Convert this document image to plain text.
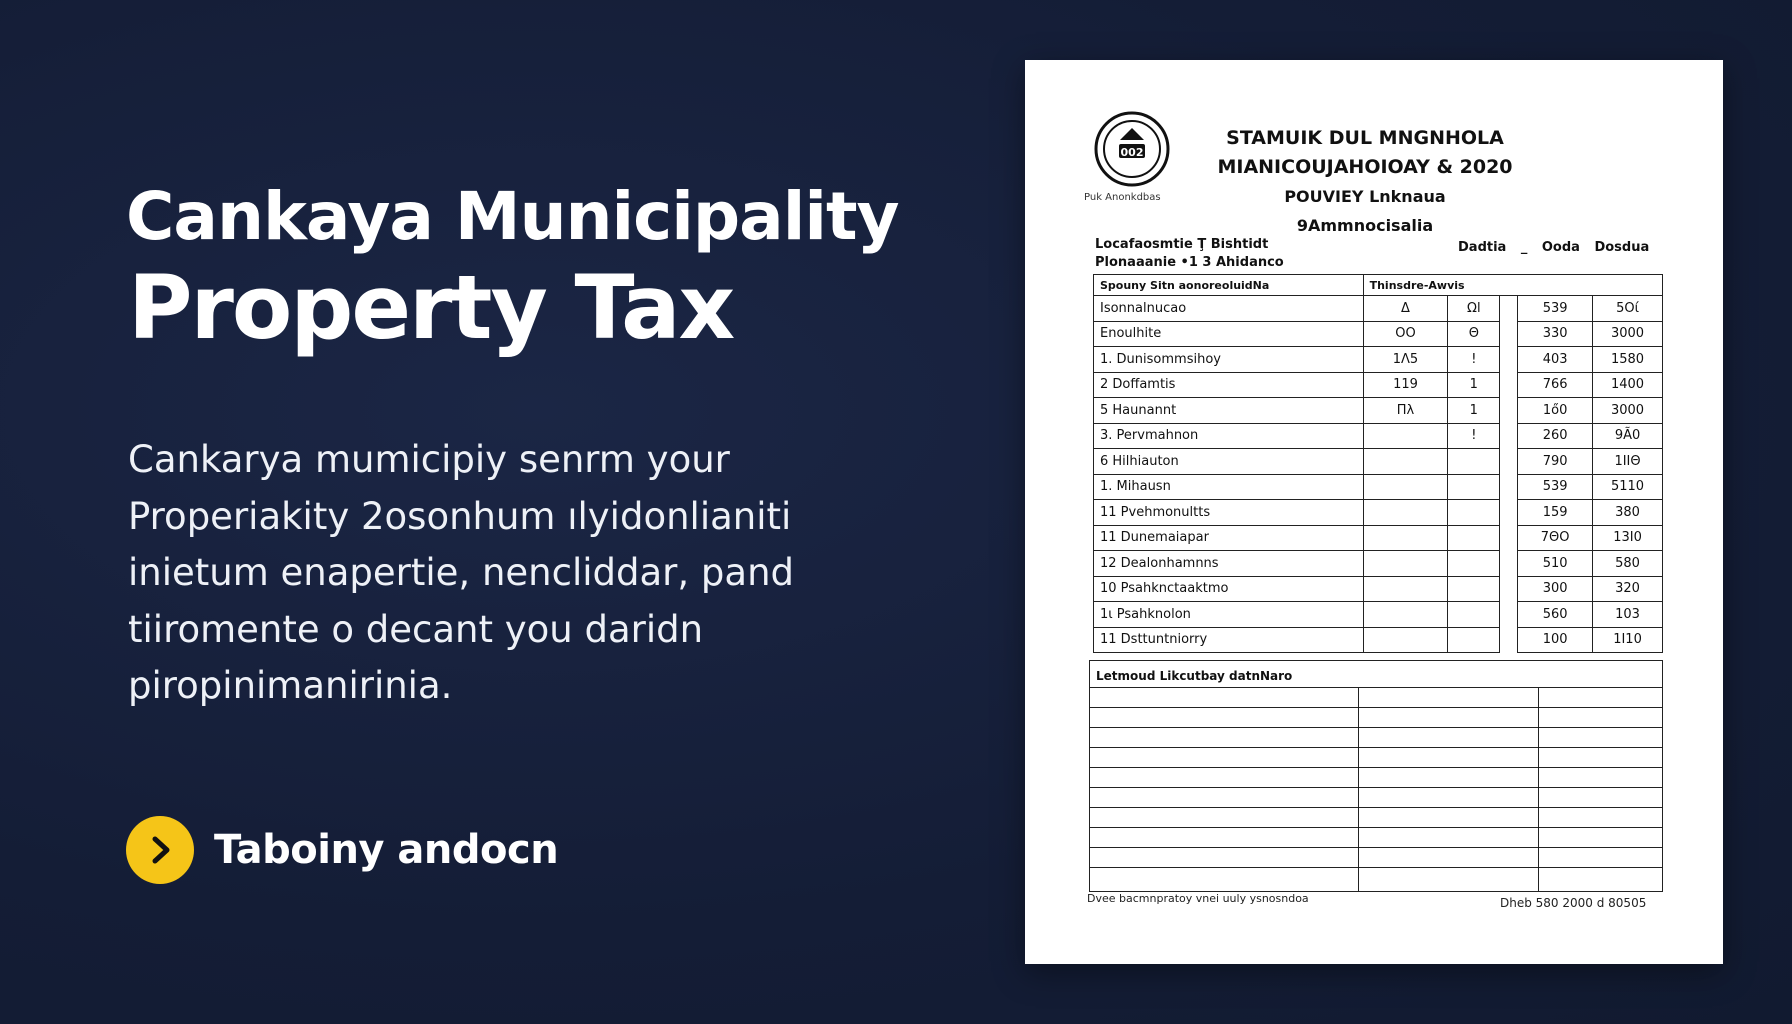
Cankaya Municipality

Property Tax

Cankarya mumicipiy senrm your Properiakity 2osonhum ılyidonlianiti inietum enapertie, nencliddar, pand tiiromente o decant you daridn piropinimanirinia.

Taboiny andocn
002
Puk Anonkdbas
STAMUIK DUL MNGNHOLA
MIANICOUJAHOIOAY & 2020
POUVIEY Lnknaua
9Ammnocisalia
Locafaosmtie Ţ Bishtidt
Plonaaanie •1 3 Ahidanco
Dadtia _ Ooda Dosdua
Spouny Sitn aonoreoluidNa	Thinsdre-Awvis				
Isonnalnucao	Δ	Ωl		539	5Οί
Enoulhite	ΟΟ	Θ		330	3000
1. Dunisommsihoy	1Λ5	!		403	1580
2 Doffamtis	119	1		766	1400
5 Haunannt	Πλ	1		1ő0	3000
3. Pervmahnon		!		260	9Ã0
6 Hilhiauton				790	1ΙΙΘ
1. Mihausn				539	5110
11 Pvehmonultts				159	380
11 Dunemaiapar				7ΘΟ	13Ι0
12 Dealonhamnns				510	580
10 Psahknctaaktmo				300	320
1ι Psahknolon				560	103
11 Dsttuntniorry				100	1Ι10
Letmoud Likcutbay datnNaro
Dvee bacmnpratoy vnei uuly ysnosndoa	Dheb 580 2000 d 80505
